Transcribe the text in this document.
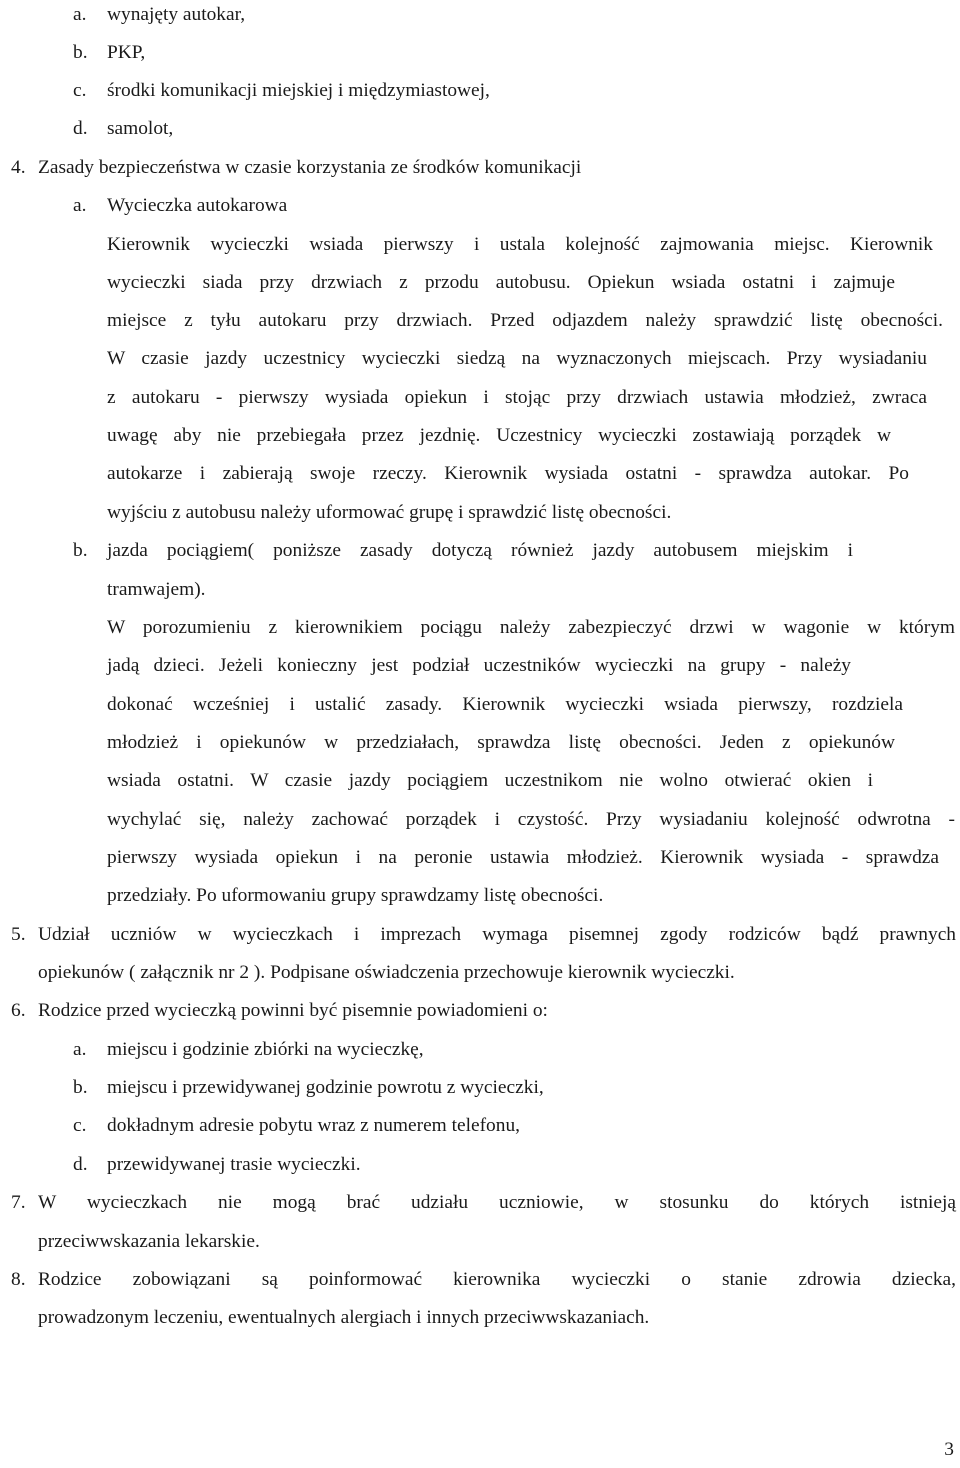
a. wynajęty autokar,
b. PKP,
c. środki komunikacji miejskiej i międzymiastowej,
d. samolot,
4. Zasady bezpieczeństwa w czasie korzystania ze środków komunikacji
a. Wycieczka autokarowa
Kierownik wycieczki wsiada pierwszy i ustala kolejność zajmowania miejsc. Kierownik
wycieczki siada przy drzwiach z przodu autobusu. Opiekun wsiada ostatni i zajmuje
miejsce z tyłu autokaru przy drzwiach. Przed odjazdem należy sprawdzić listę obecności.
W czasie jazdy uczestnicy wycieczki siedzą na wyznaczonych miejscach. Przy wysiadaniu
z autokaru - pierwszy wysiada opiekun i stojąc przy drzwiach ustawia młodzież, zwraca
uwagę aby nie przebiegała przez jezdnię. Uczestnicy wycieczki zostawiają porządek w
autokarze i zabierają swoje rzeczy. Kierownik wysiada ostatni - sprawdza autokar. Po
wyjściu z autobusu należy uformować grupę i sprawdzić listę obecności.
b. jazda pociągiem( poniższe zasady dotyczą również jazdy autobusem miejskim i
tramwajem).
W porozumieniu z kierownikiem pociągu należy zabezpieczyć drzwi w wagonie w którym
jadą dzieci. Jeżeli konieczny jest podział uczestników wycieczki na grupy - należy
dokonać wcześniej i ustalić zasady. Kierownik wycieczki wsiada pierwszy, rozdziela
młodzież i opiekunów w przedziałach, sprawdza listę obecności. Jeden z opiekunów
wsiada ostatni. W czasie jazdy pociągiem uczestnikom nie wolno otwierać okien i
wychylać się, należy zachować porządek i czystość. Przy wysiadaniu kolejność odwrotna -
pierwszy wysiada opiekun i na peronie ustawia młodzież. Kierownik wysiada - sprawdza
przedziały. Po uformowaniu grupy sprawdzamy listę obecności.
5. Udział uczniów w wycieczkach i imprezach wymaga pisemnej zgody rodziców bądź prawnych
opiekunów ( załącznik nr 2 ). Podpisane oświadczenia przechowuje kierownik wycieczki.
6. Rodzice przed wycieczką powinni być pisemnie powiadomieni o:
a. miejscu i godzinie zbiórki na wycieczkę,
b. miejscu i przewidywanej godzinie powrotu z wycieczki,
c. dokładnym adresie pobytu wraz z numerem telefonu,
d. przewidywanej trasie wycieczki.
7. W wycieczkach nie mogą brać udziału uczniowie, w stosunku do których istnieją
przeciwwskazania lekarskie.
8. Rodzice zobowiązani są poinformować kierownika wycieczki o stanie zdrowia dziecka,
prowadzonym leczeniu, ewentualnych alergiach i innych przeciwwskazaniach.
3
